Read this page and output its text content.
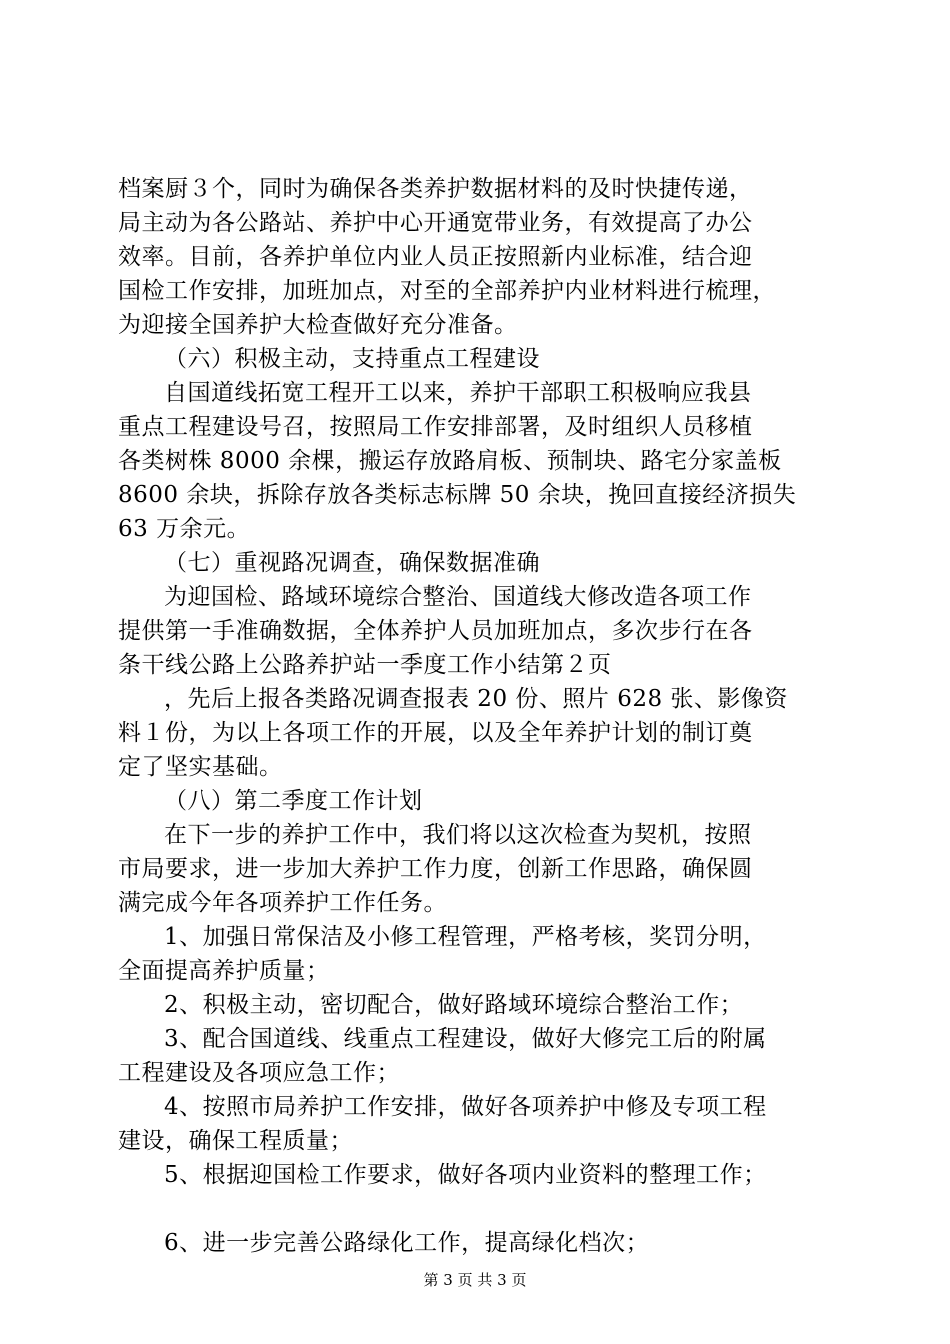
档案厨３个，同时为确保各类养护数据材料的及时快捷传递，
局主动为各公路站、养护中心开通宽带业务，有效提高了办公
效率。目前，各养护单位内业人员正按照新内业标准，结合迎
国检工作安排，加班加点，对至的全部养护内业材料进行梳理，
为迎接全国养护大检查做好充分准备。
（六）积极主动，支持重点工程建设
自国道线拓宽工程开工以来，养护干部职工积极响应我县
重点工程建设号召，按照局工作安排部署，及时组织人员移植
各类树株 8000 余棵，搬运存放路肩板、预制块、路宅分家盖板
8600 余块，拆除存放各类标志标牌 50 余块，挽回直接经济损失
63 万余元。
（七）重视路况调查，确保数据准确
为迎国检、路域环境综合整治、国道线大修改造各项工作
提供第一手准确数据，全体养护人员加班加点，多次步行在各
条干线公路上公路养护站一季度工作小结第２页
，先后上报各类路况调查报表 20 份、照片 628 张、影像资
料１份，为以上各项工作的开展，以及全年养护计划的制订奠
定了坚实基础。
（八）第二季度工作计划
在下一步的养护工作中，我们将以这次检查为契机，按照
市局要求，进一步加大养护工作力度，创新工作思路，确保圆
满完成今年各项养护工作任务。
1、加强日常保洁及小修工程管理，严格考核，奖罚分明，
全面提高养护质量；
2、积极主动，密切配合，做好路域环境综合整治工作；
3、配合国道线、线重点工程建设，做好大修完工后的附属
工程建设及各项应急工作；
4、按照市局养护工作安排，做好各项养护中修及专项工程
建设，确保工程质量；
5、根据迎国检工作要求，做好各项内业资料的整理工作；
6、进一步完善公路绿化工作，提高绿化档次；
第 3 页 共 3 页
